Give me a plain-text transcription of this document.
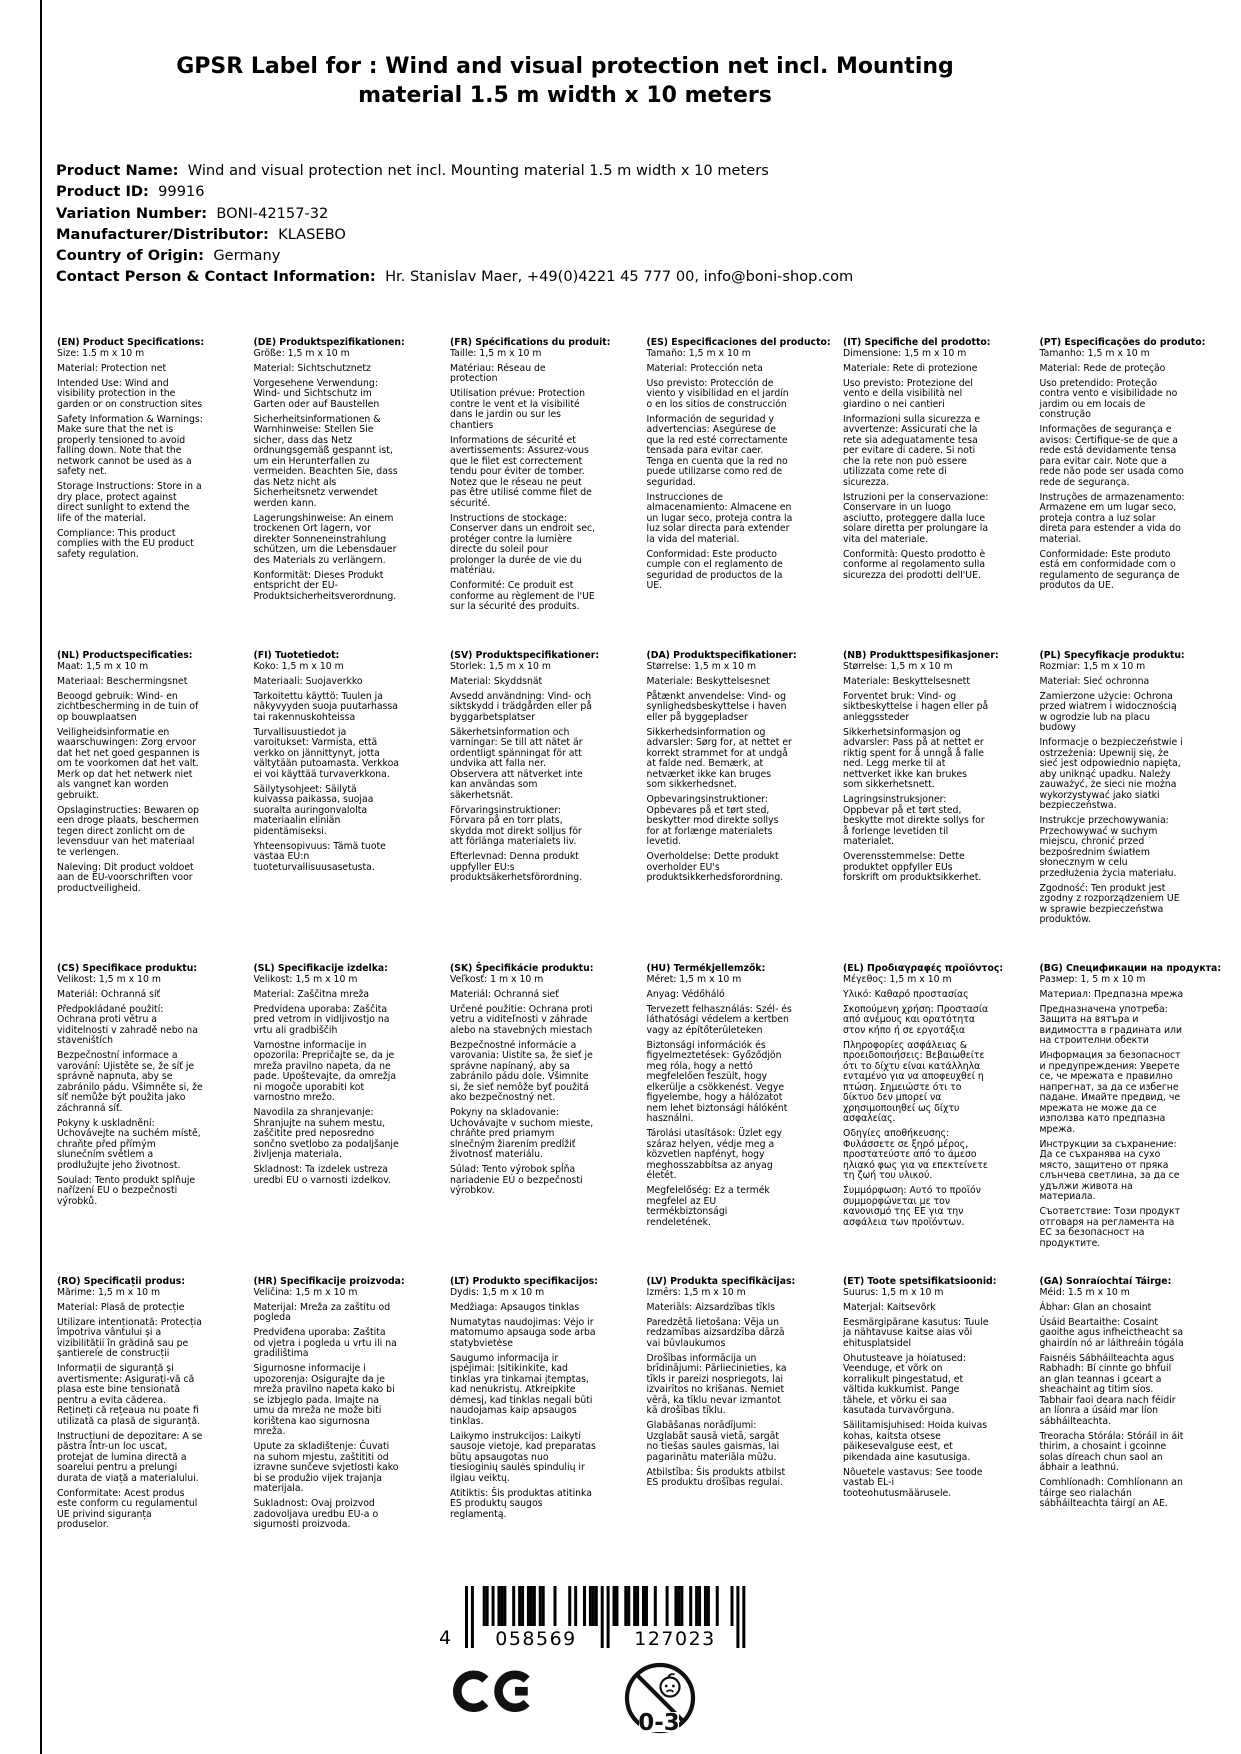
GPSR Label for : Wind and visual protection net incl. Mounting material 1.5 m width x 10 meters
Product Name: Wind and visual protection net incl. Mounting material 1.5 m width x 10 meters
Product ID: 99916
Variation Number: BONI-42157-32
Manufacturer/Distributor: KLASEBO
Country of Origin: Germany
Contact Person & Contact Information: Hr. Stanislav Maer, +49(0)4221 45 777 00, info@boni-shop.com
(EN) Product Specifications:
Size: 1.5 m x 10 m
Material: Protection net
Intended Use: Wind and visibility protection in the garden or on construction sites
Safety Information & Warnings: Make sure that the net is properly tensioned to avoid falling down. Note that the network cannot be used as a safety net.
Storage Instructions: Store in a dry place, protect against direct sunlight to extend the life of the material.
Compliance: This product complies with the EU product safety regulation.
(DE) Produktspezifikationen:
Größe: 1,5 m x 10 m
Material: Sichtschutznetz
Vorgesehene Verwendung: Wind- und Sichtschutz im Garten oder auf Baustellen
Sicherheitsinformationen & Warnhinweise: Stellen Sie sicher, dass das Netz ordnungsgemäß gespannt ist, um ein Herunterfallen zu vermeiden. Beachten Sie, dass das Netz nicht als Sicherheitsnetz verwendet werden kann.
Lagerungshinweise: An einem trockenen Ort lagern, vor direkter Sonneneinstrahlung schützen, um die Lebensdauer des Materials zu verlängern.
Konformität: Dieses Produkt entspricht der EU-Produktsicherheitsverordnung.
(FR) Spécifications du produit:
Taille: 1,5 m x 10 m
Matériau: Réseau de protection
Utilisation prévue: Protection contre le vent et la visibilité dans le jardin ou sur les chantiers
Informations de sécurité et avertissements: Assurez-vous que le filet est correctement tendu pour éviter de tomber. Notez que le réseau ne peut pas être utilisé comme filet de sécurité.
Instructions de stockage: Conserver dans un endroit sec, protéger contre la lumière directe du soleil pour prolonger la durée de vie du matériau.
Conformité: Ce produit est conforme au règlement de l'UE sur la sécurité des produits.
(ES) Especificaciones del producto:
Tamaño: 1,5 m x 10 m
Material: Protección neta
Uso previsto: Protección de viento y visibilidad en el jardín o en los sitios de construcción
Información de seguridad y advertencias: Asegúrese de que la red esté correctamente tensada para evitar caer. Tenga en cuenta que la red no puede utilizarse como red de seguridad.
Instrucciones de almacenamiento: Almacene en un lugar seco, proteja contra la luz solar directa para extender la vida del material.
Conformidad: Este producto cumple con el reglamento de seguridad de productos de la UE.
(IT) Specifiche del prodotto:
Dimensione: 1,5 m x 10 m
Materiale: Rete di protezione
Uso previsto: Protezione del vento e della visibilità nel giardino o nei cantieri
Informazioni sulla sicurezza e avvertenze: Assicurati che la rete sia adeguatamente tesa per evitare di cadere. Si noti che la rete non può essere utilizzata come rete di sicurezza.
Istruzioni per la conservazione: Conservare in un luogo asciutto, proteggere dalla luce solare diretta per prolungare la vita del materiale.
Conformità: Questo prodotto è conforme al regolamento sulla sicurezza dei prodotti dell'UE.
(PT) Especificações do produto:
Tamanho: 1,5 m x 10 m
Material: Rede de proteção
Uso pretendido: Proteção contra vento e visibilidade no jardim ou em locais de construção
Informações de segurança e avisos: Certifique-se de que a rede está devidamente tensa para evitar cair. Note que a rede não pode ser usada como rede de segurança.
Instruções de armazenamento: Armazene em um lugar seco, proteja contra a luz solar direta para estender a vida do material.
Conformidade: Este produto está em conformidade com o regulamento de segurança de produtos da UE.
(NL) Productspecificaties:
Maat: 1,5 m x 10 m
Materiaal: Beschermingsnet
Beoogd gebruik: Wind- en zichtbescherming in de tuin of op bouwplaatsen
Veiligheidsinformatie en waarschuwingen: Zorg ervoor dat het net goed gespannen is om te voorkomen dat het valt. Merk op dat het netwerk niet als vangnet kan worden gebruikt.
Opslaginstructies: Bewaren op een droge plaats, beschermen tegen direct zonlicht om de levensduur van het materiaal te verlengen.
Naleving: Dit product voldoet aan de EU-voorschriften voor productveiligheid.
(FI) Tuotetiedot:
Koko: 1,5 m x 10 m
Materiaali: Suojaverkko
Tarkoitettu käyttö: Tuulen ja näkyvyyden suoja puutarhassa tai rakennuskohteissa
Turvallisuustiedot ja varoitukset: Varmista, että verkko on jännittynyt, jotta vältytään putoamasta. Verkkoa ei voi käyttää turvaverkkona.
Säilytysohjeet: Säilytä kuivassa paikassa, suojaa suoralta auringonvalolta materiaalin eliniän pidentämiseksi.
Yhteensopivuus: Tämä tuote vastaa EU:n tuoteturvallisuusasetusta.
(SV) Produktspecifikationer:
Storlek: 1,5 m x 10 m
Material: Skyddsnät
Avsedd användning: Vind- och siktskydd i trädgården eller på byggarbetsplatser
Säkerhetsinformation och varningar: Se till att nätet är ordentligt spänningat för att undvika att falla ner. Observera att nätverket inte kan användas som säkerhetsnät.
Förvaringsinstruktioner: Förvara på en torr plats, skydda mot direkt solljus för att förlänga materialets liv.
Efterlevnad: Denna produkt uppfyller EU:s produktsäkerhetsförordning.
(DA) Produktspecifikationer:
Størrelse: 1,5 m x 10 m
Materiale: Beskyttelsesnet
Påtænkt anvendelse: Vind- og synlighedsbeskyttelse i haven eller på byggepladser
Sikkerhedsinformation og advarsler: Sørg for, at nettet er korrekt strammet for at undgå at falde ned. Bemærk, at netværket ikke kan bruges som sikkerhedsnet.
Opbevaringsinstruktioner: Opbevares på et tørt sted, beskytter mod direkte sollys for at forlænge materialets levetid.
Overholdelse: Dette produkt overholder EU's produktsikkerhedsforordning.
(NB) Produkttspesifikasjoner:
Størrelse: 1,5 m x 10 m
Materiale: Beskyttelsesnett
Forventet bruk: Vind- og siktbeskyttelse i hagen eller på anleggssteder
Sikkerhetsinformasjon og advarsler: Pass på at nettet er riktig spent for å unngå å falle ned. Legg merke til at nettverket ikke kan brukes som sikkerhetsnett.
Lagringsinstruksjoner: Oppbevar på et tørt sted, beskytte mot direkte sollys for å forlenge levetiden til materialet.
Overensstemmelse: Dette produktet oppfyller EUs forskrift om produktsikkerhet.
(PL) Specyfikacje produktu:
Rozmiar: 1,5 m x 10 m
Materiał: Sieć ochronna
Zamierzone użycie: Ochrona przed wiatrem i widocznością w ogrodzie lub na placu budowy
Informacje o bezpieczeństwie i ostrzeżenia: Upewnij się, że sieć jest odpowiednio napięta, aby uniknąć upadku. Należy zauważyć, że sieci nie można wykorzystywać jako siatki bezpieczeństwa.
Instrukcje przechowywania: Przechowywać w suchym miejscu, chronić przed bezpośrednim światłem słonecznym w celu przedłużenia życia materiału.
Zgodność: Ten produkt jest zgodny z rozporządzeniem UE w sprawie bezpieczeństwa produktów.
(CS) Specifikace produktu:
Velikost: 1,5 m x 10 m
Materiál: Ochranná síť
Předpokládané použití: Ochrana proti větru a viditelnosti v zahradě nebo na staveništích
Bezpečnostní informace a varování: Ujistěte se, že síť je správně napnuta, aby se zabránilo pádu. Všimněte si, že síť nemůže být použita jako záchranná síť.
Pokyny k uskladnění: Uchovávejte na suchém místě, chraňte před přímým slunečním světlem a prodlužujte jeho životnost.
Soulad: Tento produkt splňuje nařízení EU o bezpečnosti výrobků.
(SL) Specifikacije izdelka:
Velikost: 1,5 m x 10 m
Material: Zaščitna mreža
Predvidena uporaba: Zaščita pred vetrom in vidljivostjo na vrtu ali gradbiščih
Varnostne informacije in opozorila: Prepričajte se, da je mreža pravilno napeta, da ne pade. Upoštevajte, da omrežja ni mogoče uporabiti kot varnostno mrežo.
Navodila za shranjevanje: Shranjujte na suhem mestu, zaščitite pred neposredno sončno svetlobo za podaljšanje življenja materiala.
Skladnost: Ta izdelek ustreza uredbi EU o varnosti izdelkov.
(SK) Špecifikácie produktu:
Veľkosť: 1 m x 10 m
Materiál: Ochranná sieť
Určené použitie: Ochrana proti vetru a viditeľnosti v záhrade alebo na stavebných miestach
Bezpečnostné informácie a varovania: Uistite sa, že sieť je správne napínaný, aby sa zabránilo pádu dole. Všimnite si, že sieť nemôže byť použitá ako bezpečnostný net.
Pokyny na skladovanie: Uchovávajte v suchom mieste, chráňte pred priamym slnečným žiarením predĺžiť životnosť materiálu.
Súlad: Tento výrobok spĺňa nariadenie EÚ o bezpečnosti výrobkov.
(HU) Termékjellemzők:
Méret: 1,5 m x 10 m
Anyag: Védőháló
Tervezett felhasználás: Szél- és láthatósági védelem a kertben vagy az építőterületeken
Biztonsági információk és figyelmeztetések: Győződjön meg róla, hogy a nettó megfelelően feszült, hogy elkerülje a csökkenést. Vegye figyelembe, hogy a hálózatot nem lehet biztonsági hálóként használni.
Tárolási utasítások: Üzlet egy száraz helyen, védje meg a közvetlen napfényt, hogy meghosszabbítsa az anyag életét.
Megfelelőség: Ez a termék megfelel az EU termékbiztonsági rendeletének.
(EL) Προδιαγραφές προϊόντος:
Μέγεθος: 1,5 m x 10 m
Υλικό: Καθαρό προστασίας
Σκοπούμενη χρήση: Προστασία από ανέμους και ορατότητα στον κήπο ή σε εργοτάξια
Πληροφορίες ασφάλειας & προειδοποιήσεις: Βεβαιωθείτε ότι το δίχτυ είναι κατάλληλα ενταμένο για να αποφευχθεί η πτώση. Σημειώστε ότι το δίκτυο δεν μπορεί να χρησιμοποιηθεί ως δίχτυ ασφαλείας.
Οδηγίες αποθήκευσης: Φυλάσσετε σε ξηρό μέρος, προστατεύστε από το άμεσο ηλιακό φως για να επεκτείνετε τη ζωή του υλικού.
Συμμόρφωση: Αυτό το προϊόν συμμορφώνεται με τον κανονισμό της ΕΕ για την ασφάλεια των προϊόντων.
(BG) Спецификации на продукта:
Размер: 1, 5 m x 10 m
Материал: Предпазна мрежа
Предназначена употреба: Защита на вятъра и видимостта в градината или на строителни обекти
Информация за безопасност и предупреждения: Уверете се, че мрежата е правилно напрегнат, за да се избегне падане. Имайте предвид, че мрежата не може да се използва като предпазна мрежа.
Инструкции за съхранение: Да се съхранява на сухо място, защитено от пряка слънчева светлина, за да се удължи живота на материала.
Съответствие: Този продукт отговаря на регламента на ЕС за безопасност на продуктите.
(RO) Specificații produs:
Mărime: 1,5 m x 10 m
Material: Plasă de protecție
Utilizare intenționată: Protecția împotriva vântului și a vizibilității în grădină sau pe șantierele de construcții
Informații de siguranță și avertismente: Asigurați-vă că plasa este bine tensionată pentru a evita căderea. Rețineți că rețeaua nu poate fi utilizată ca plasă de siguranță.
Instrucțiuni de depozitare: A se păstra într-un loc uscat, protejat de lumina directă a soarelui pentru a prelungi durata de viață a materialului.
Conformitate: Acest produs este conform cu regulamentul UE privind siguranța produselor.
(HR) Specifikacije proizvoda:
Veličina: 1,5 m x 10 m
Materijal: Mreža za zaštitu od pogleda
Predviđena uporaba: Zaštita od vjetra i pogleda u vrtu ili na gradilištima
Sigurnosne informacije i upozorenja: Osigurajte da je mreža pravilno napeta kako bi se izbjeglo pada. Imajte na umu da mreža ne može biti korištena kao sigurnosna mreža.
Upute za skladištenje: Čuvati na suhom mjestu, zaštititi od izravne sunčeve svjetlosti kako bi se produžio vijek trajanja materijala.
Sukladnost: Ovaj proizvod zadovoljava uredbu EU-a o sigurnosti proizvoda.
(LT) Produkto specifikacijos:
Dydis: 1,5 m x 10 m
Medžiaga: Apsaugos tinklas
Numatytas naudojimas: Vėjo ir matomumo apsauga sode arba statybvietėse
Saugumo informacija ir įspėjimai: Įsitikinkite, kad tinklas yra tinkamai įtemptas, kad nenukristų. Atkreipkite dėmesį, kad tinklas negali būti naudojamas kaip apsaugos tinklas.
Laikymo instrukcijos: Laikyti sausoje vietoje, kad preparatas būtų apsaugotas nuo tiesioginių saulės spindulių ir ilgiau veiktų.
Atitiktis: Šis produktas atitinka ES produktų saugos reglamentą.
(LV) Produkta specifikācijas:
Izmērs: 1,5 m x 10 m
Materiāls: Aizsardzības tīkls
Paredzētā lietošana: Vēja un redzamības aizsardzība dārzā vai būvlaukumos
Drošības informācija un brīdinājumi: Pārliecinieties, ka tīkls ir pareizi nospriegots, lai izvairītos no krišanas. Ņemiet vērā, ka tīklu nevar izmantot kā drošības tīklu.
Glabāšanas norādījumi: Uzglabāt sausā vietā, sargāt no tiešas saules gaismas, lai pagarinātu materiāla mūžu.
Atbilstība: Šis produkts atbilst ES produktu drošības regulai.
(ET) Toote spetsifikatsioonid:
Suurus: 1,5 m x 10 m
Materjal: Kaitsevõrk
Eesmärgipärane kasutus: Tuule ja nähtavuse kaitse aias või ehitusplatsidel
Ohutusteave ja hoiatused: Veenduge, et võrk on korralikult pingestatud, et vältida kukkumist. Pange tähele, et võrku ei saa kasutada turvavõrguna.
Säilitamisjuhised: Hoida kuivas kohas, kaitsta otsese päikesevalguse eest, et pikendada aine kasutusiga.
Nõuetele vastavus: See toode vastab EL-i tooteohutusmäärusele.
(GA) Sonraíochtaí Táirge:
Méid: 1.5 m x 10 m
Ábhar: Glan an chosaint
Úsáid Beartaithe: Cosaint gaoithe agus infheictheacht sa ghairdín nó ar láithreáin tógála
Faisnéis Sábháilteachta agus Rabhadh: Bí cinnte go bhfuil an glan teannas i gceart a sheachaint ag titim síos. Tabhair faoi deara nach féidir an líonra a úsáid mar líon sábháilteachta.
Treoracha Stórála: Stóráil in áit thirim, a chosaint i gcoinne solas díreach chun saol an ábhair a leathnú.
Comhlíonadh: Comhlíonann an táirge seo rialachán sábháilteachta táirgí an AE.
4	058569	127023
0-3
